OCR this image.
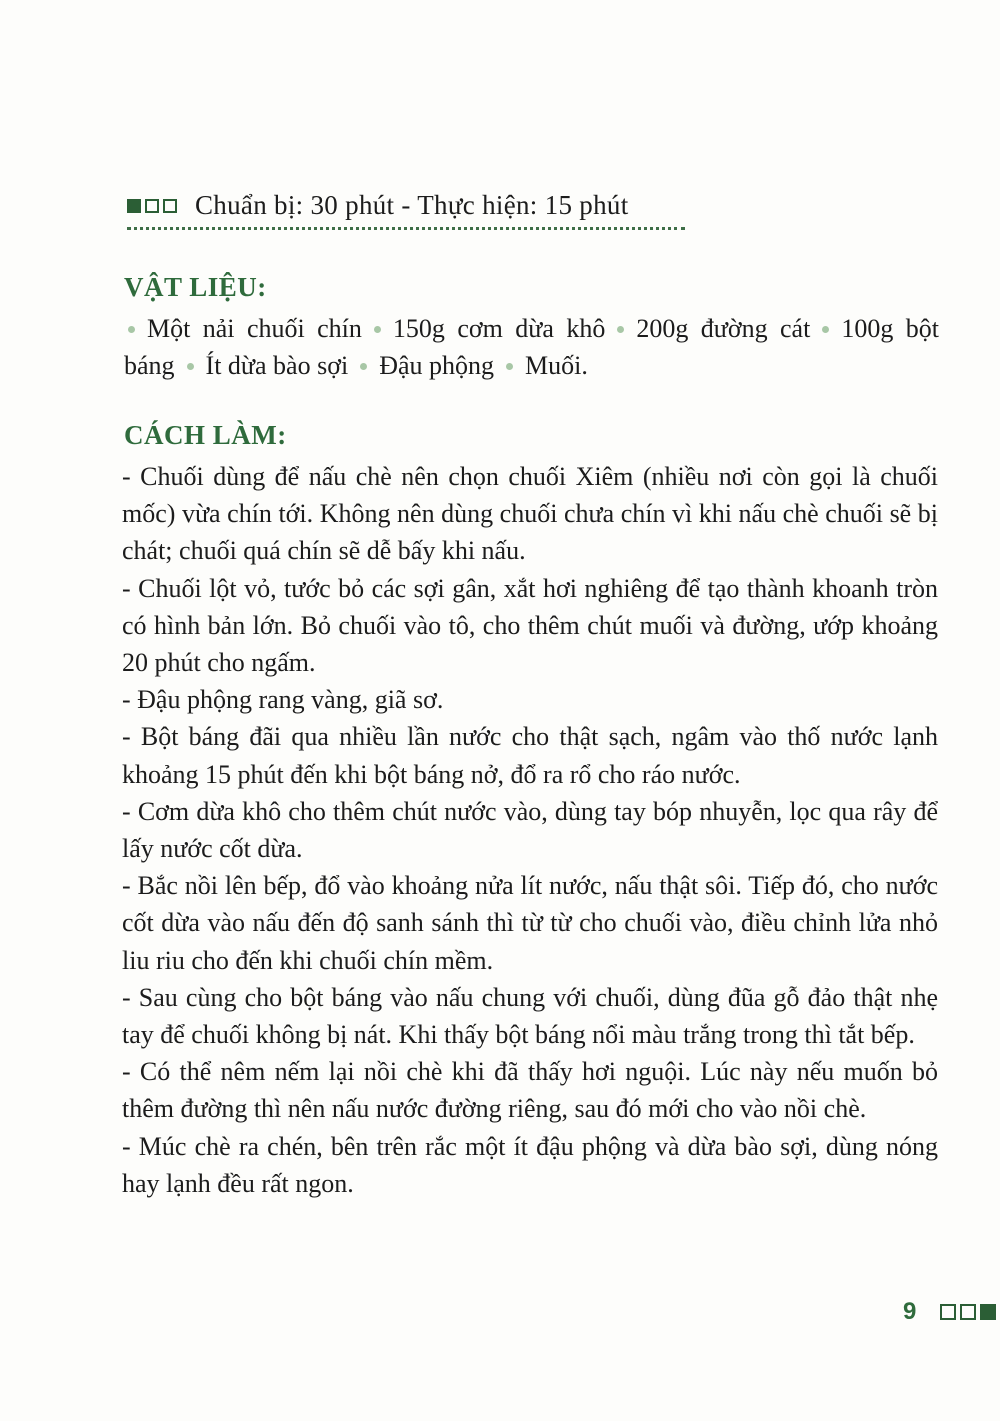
Chuẩn bị: 30 phút - Thực hiện: 15 phút
VẬT LIỆU:
Một nải chuối chín 150g cơm dừa khô 200g đường cát 100g bột báng Ít dừa bào sợi Đậu phộng Muối.
CÁCH LÀM:

- Chuối dùng để nấu chè nên chọn chuối Xiêm (nhiều nơi còn gọi là chuối mốc) vừa chín tới. Không nên dùng chuối chưa chín vì khi nấu chè chuối sẽ bị chát; chuối quá chín sẽ dễ bấy khi nấu.

- Chuối lột vỏ, tước bỏ các sợi gân, xắt hơi nghiêng để tạo thành khoanh tròn có hình bản lớn. Bỏ chuối vào tô, cho thêm chút muối và đường, ướp khoảng 20 phút cho ngấm.

- Đậu phộng rang vàng, giã sơ.

- Bột báng đãi qua nhiều lần nước cho thật sạch, ngâm vào thố nước lạnh khoảng 15 phút đến khi bột báng nở, đổ ra rổ cho ráo nước.

- Cơm dừa khô cho thêm chút nước vào, dùng tay bóp nhuyễn, lọc qua rây để lấy nước cốt dừa.

- Bắc nồi lên bếp, đổ vào khoảng nửa lít nước, nấu thật sôi. Tiếp đó, cho nước cốt dừa vào nấu đến độ sanh sánh thì từ từ cho chuối vào, điều chỉnh lửa nhỏ liu riu cho đến khi chuối chín mềm.

- Sau cùng cho bột báng vào nấu chung với chuối, dùng đũa gỗ đảo thật nhẹ tay để chuối không bị nát. Khi thấy bột báng nổi màu trắng trong thì tắt bếp.

- Có thể nêm nếm lại nồi chè khi đã thấy hơi nguội. Lúc này nếu muốn bỏ thêm đường thì nên nấu nước đường riêng, sau đó mới cho vào nồi chè.

- Múc chè ra chén, bên trên rắc một ít đậu phộng và dừa bào sợi, dùng nóng hay lạnh đều rất ngon.

9
